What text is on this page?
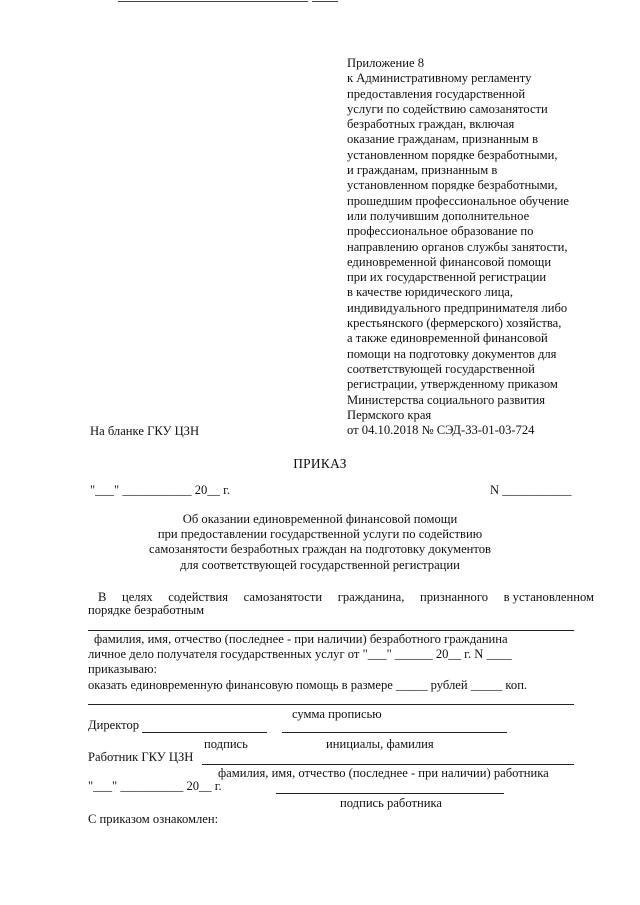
Приложение 8
к Административному регламенту
предоставления государственной
услуги по содействию самозанятости
безработных граждан, включая
оказание гражданам, признанным в
установленном порядке безработными,
и гражданам, признанным в
установленном порядке безработными,
прошедшим профессиональное обучение
или получившим дополнительное
профессиональное образование по
направлению органов службы занятости,
единовременной финансовой помощи
при их государственной регистрации
в качестве юридического лица,
индивидуального предпринимателя либо
крестьянского (фермерского) хозяйства,
а также единовременной финансовой
помощи на подготовку документов для
соответствующей государственной
регистрации, утвержденному приказом
Министерства социального развития
Пермского края
от 04.10.2018 № СЭД-33-01-03-724
На бланке ГКУ ЦЗН
ПРИКАЗ
"___" ___________ 20__ г.	N ___________
Об оказании единовременной финансовой помощи
при предоставлении государственной услуги по содействию
самозанятости безработных граждан на подготовку документов
для соответствующей государственной регистрации
В целях содействия самозанятости гражданина, признанного в установленном
порядке безработным
фамилия, имя, отчество (последнее - при наличии) безработного гражданина
личное дело получателя государственных услуг от "___" ______ 20__ г. N ____
приказываю:
оказать единовременную финансовую помощь в размере _____ рублей _____ коп.
сумма прописью
Директор
подпись	инициалы, фамилия
Работник ГКУ ЦЗН
фамилия, имя, отчество (последнее - при наличии) работника
"___" __________ 20__ г.
подпись работника
С приказом ознакомлен:
